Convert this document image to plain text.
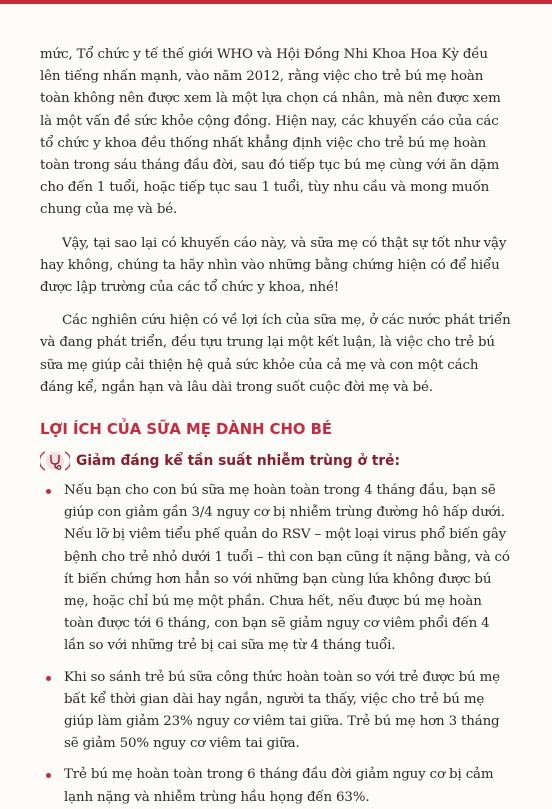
mức, Tổ chức y tế thế giới WHO và Hội Đồng Nhi Khoa Hoa Kỳ đều lên tiếng nhấn mạnh, vào năm 2012, rằng việc cho trẻ bú mẹ hoàn toàn không nên được xem là một lựa chọn cá nhân, mà nên được xem là một vấn đề sức khỏe cộng đồng. Hiện nay, các khuyến cáo của các tổ chức y khoa đều thống nhất khẳng định việc cho trẻ bú mẹ hoàn toàn trong sáu tháng đầu đời, sau đó tiếp tục bú mẹ cùng với ăn dặm cho đến 1 tuổi, hoặc tiếp tục sau 1 tuổi, tùy nhu cầu và mong muốn chung của mẹ và bé.

Vậy, tại sao lại có khuyến cáo này, và sữa mẹ có thật sự tốt như vậy hay không, chúng ta hãy nhìn vào những bằng chứng hiện có để hiểu được lập trường của các tổ chức y khoa, nhé!

Các nghiên cứu hiện có về lợi ích của sữa mẹ, ở các nước phát triển và đang phát triển, đều tựu trung lại một kết luận, là việc cho trẻ bú sữa mẹ giúp cải thiện hệ quả sức khỏe của cả mẹ và con một cách đáng kể, ngắn hạn và lâu dài trong suốt cuộc đời mẹ và bé.

LỢI ÍCH CỦA SỮA MẸ DÀNH CHO BÉ
Giảm đáng kể tần suất nhiễm trùng ở trẻ:
Nếu bạn cho con bú sữa mẹ hoàn toàn trong 4 tháng đầu, bạn sẽ giúp con giảm gần 3/4 nguy cơ bị nhiễm trùng đường hô hấp dưới. Nếu lỡ bị viêm tiểu phế quản do RSV – một loại virus phổ biến gây bệnh cho trẻ nhỏ dưới 1 tuổi – thì con bạn cũng ít nặng bằng, và có ít biến chứng hơn hẳn so với những bạn cùng lứa không được bú mẹ, hoặc chỉ bú mẹ một phần. Chưa hết, nếu được bú mẹ hoàn toàn được tới 6 tháng, con bạn sẽ giảm nguy cơ viêm phổi đến 4 lần so với những trẻ bị cai sữa mẹ từ 4 tháng tuổi.
Khi so sánh trẻ bú sữa công thức hoàn toàn so với trẻ được bú mẹ bất kể thời gian dài hay ngắn, người ta thấy, việc cho trẻ bú mẹ giúp làm giảm 23% nguy cơ viêm tai giữa. Trẻ bú mẹ hơn 3 tháng sẽ giảm 50% nguy cơ viêm tai giữa.
Trẻ bú mẹ hoàn toàn trong 6 tháng đầu đời giảm nguy cơ bị cảm lạnh nặng và nhiễm trùng hầu họng đến 63%.
